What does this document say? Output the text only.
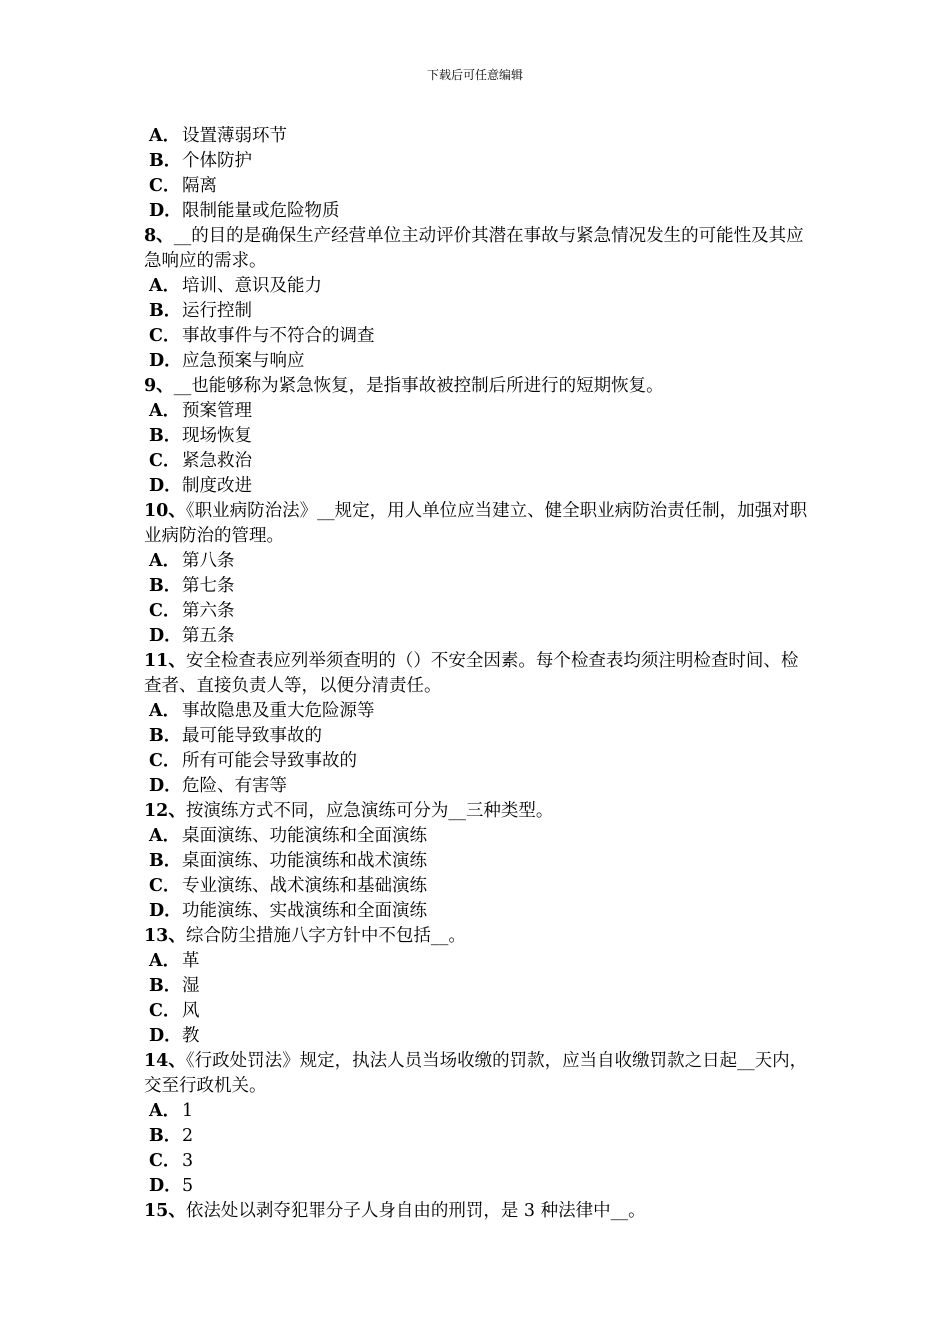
下载后可任意编辑
A． 设置薄弱环节
B．个体防护
C．隔离
D．限制能量或危险物质
8、__的目的是确保生产经营单位主动评价其潜在事故与紧急情况发生的可能性及其应急响应的需求。
A． 培训、意识及能力
B．运行控制
C．事故事件与不符合的调查
D．应急预案与响应
9、__也能够称为紧急恢复，是指事故被控制后所进行的短期恢复。
A． 预案管理
B．现场恢复
C．紧急救治
D．制度改进
10、《职业病防治法》__规定，用人单位应当建立、健全职业病防治责任制，加强对职业病防治的管理。
A． 第八条
B．第七条
C．第六条
D．第五条
11、安全检查表应列举须查明的（）不安全因素。每个检查表均须注明检查时间、检查者、直接负责人等，以便分清责任。
A． 事故隐患及重大危险源等
B．最可能导致事故的
C．所有可能会导致事故的
D．危险、有害等
12、按演练方式不同，应急演练可分为__三种类型。
A． 桌面演练、功能演练和全面演练
B．桌面演练、功能演练和战术演练
C．专业演练、战术演练和基础演练
D．功能演练、实战演练和全面演练
13、综合防尘措施八字方针中不包括__。
A． 革
B．湿
C．风
D．教
14、《行政处罚法》规定，执法人员当场收缴的罚款，应当自收缴罚款之日起__天内，交至行政机关。
A． 1
B．2
C．3
D．5
15、依法处以剥夺犯罪分子人身自由的刑罚，是 3 种法律中__。
